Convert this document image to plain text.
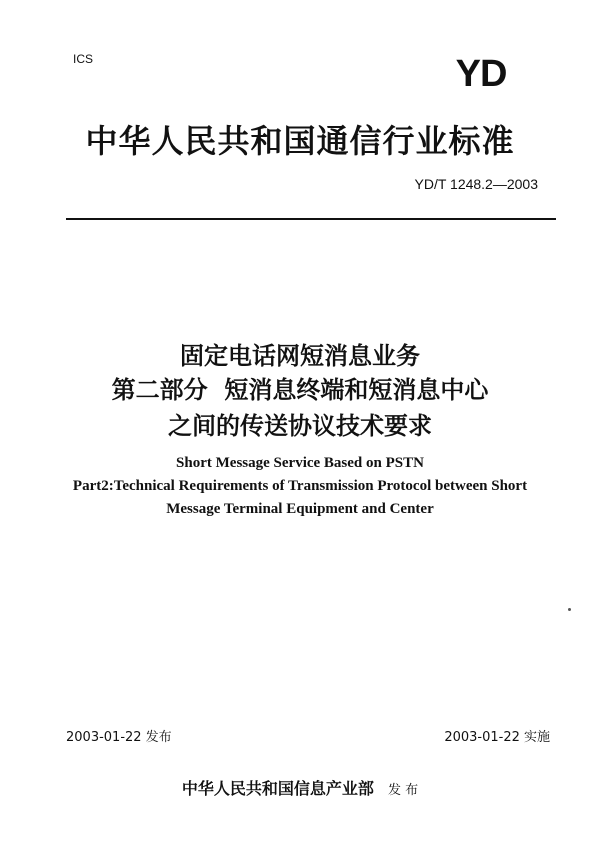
ICS	YD
中华人民共和国通信行业标准
YD/T 1248.2—2003
固定电话网短消息业务
第二部分  短消息终端和短消息中心
之间的传送协议技术要求
Short Message Service Based on PSTN
Part2:Technical Requirements of Transmission Protocol between Short
Message Terminal Equipment and Center
2003-01-22 发布	2003-01-22 实施
中华人民共和国信息产业部 发 布
